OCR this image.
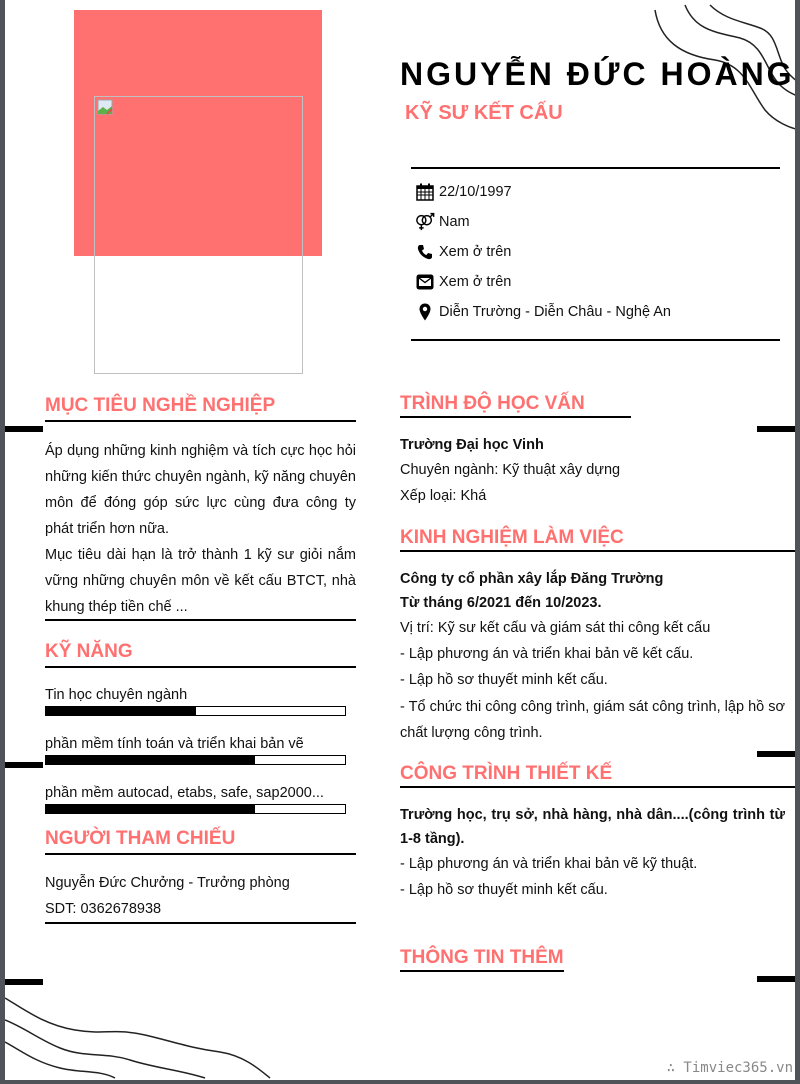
NGUYỄN ĐỨC HOÀNG
KỸ SƯ KẾT CẤU
22/10/1997
Nam
Xem ở trên
Xem ở trên
Diễn Trường - Diễn Châu - Nghệ An
MỤC TIÊU NGHỀ NGHIỆP
Áp dụng những kinh nghiệm và tích cực học hỏi những kiến thức chuyên ngành, kỹ năng chuyên môn để đóng góp sức lực cùng đưa công ty phát triển hơn nữa.
Mục tiêu dài hạn là trở thành 1 kỹ sư giỏi nắm vững những chuyên môn về kết cấu BTCT, nhà khung thép tiền chế ...
KỸ NĂNG
Tin học chuyên ngành
phần mềm tính toán và triển khai bản vẽ
phần mềm autocad, etabs, safe, sap2000...
NGƯỜI THAM CHIẾU
Nguyễn Đức Chưởng - Trưởng phòng
SDT: 0362678938
TRÌNH ĐỘ HỌC VẤN
Trường Đại học Vinh
Chuyên ngành: Kỹ thuật xây dựng
Xếp loại: Khá
KINH NGHIỆM LÀM VIỆC
Công ty cổ phần xây lắp Đăng Trường
Từ tháng 6/2021 đến 10/2023.
Vị trí: Kỹ sư kết cấu và giám sát thi công kết cấu
- Lập phương án và triển khai bản vẽ kết cấu.
- Lập hồ sơ thuyết minh kết cấu.
- Tổ chức thi công công trình, giám sát công trình, lập hồ sơ chất lượng công trình.
CÔNG TRÌNH THIẾT KẾ
Trường học, trụ sở, nhà hàng, nhà dân....(công trình từ 1-8 tầng).
- Lập phương án và triển khai bản vẽ kỹ thuật.
- Lập hồ sơ thuyết minh kết cấu.
THÔNG TIN THÊM
∴ Timviec365.vn
